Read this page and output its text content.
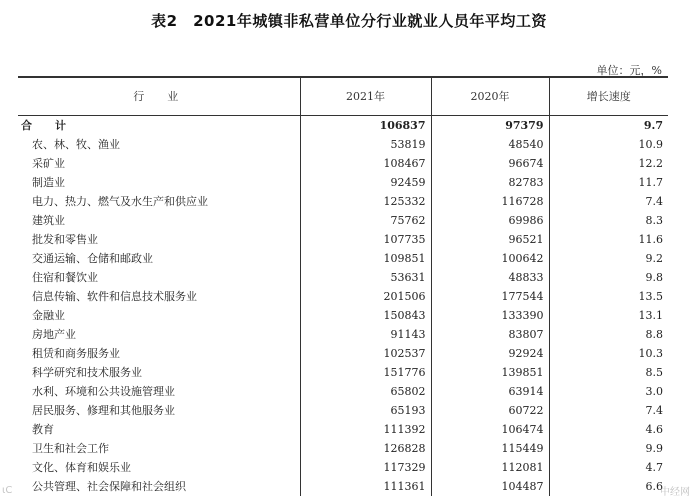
表2　2021年城镇非私营单位分行业就业人员年平均工资
单位：元，%
行　业	2021年	2020年	增长速度
合　计	106837	97379	9.7
农、林、牧、渔业	53819	48540	10.9
采矿业	108467	96674	12.2
制造业	92459	82783	11.7
电力、热力、燃气及水生产和供应业	125332	116728	7.4
建筑业	75762	69986	8.3
批发和零售业	107735	96521	11.6
交通运输、仓储和邮政业	109851	100642	9.2
住宿和餐饮业	53631	48833	9.8
信息传输、软件和信息技术服务业	201506	177544	13.5
金融业	150843	133390	13.1
房地产业	91143	83807	8.8
租赁和商务服务业	102537	92924	10.3
科学研究和技术服务业	151776	139851	8.5
水利、环境和公共设施管理业	65802	63914	3.0
居民服务、修理和其他服务业	65193	60722	7.4
教育	111392	106474	4.6
卫生和社会工作	126828	115449	9.9
文化、体育和娱乐业	117329	112081	4.7
公共管理、社会保障和社会组织	111361	104487	6.6
ιC	中经网
